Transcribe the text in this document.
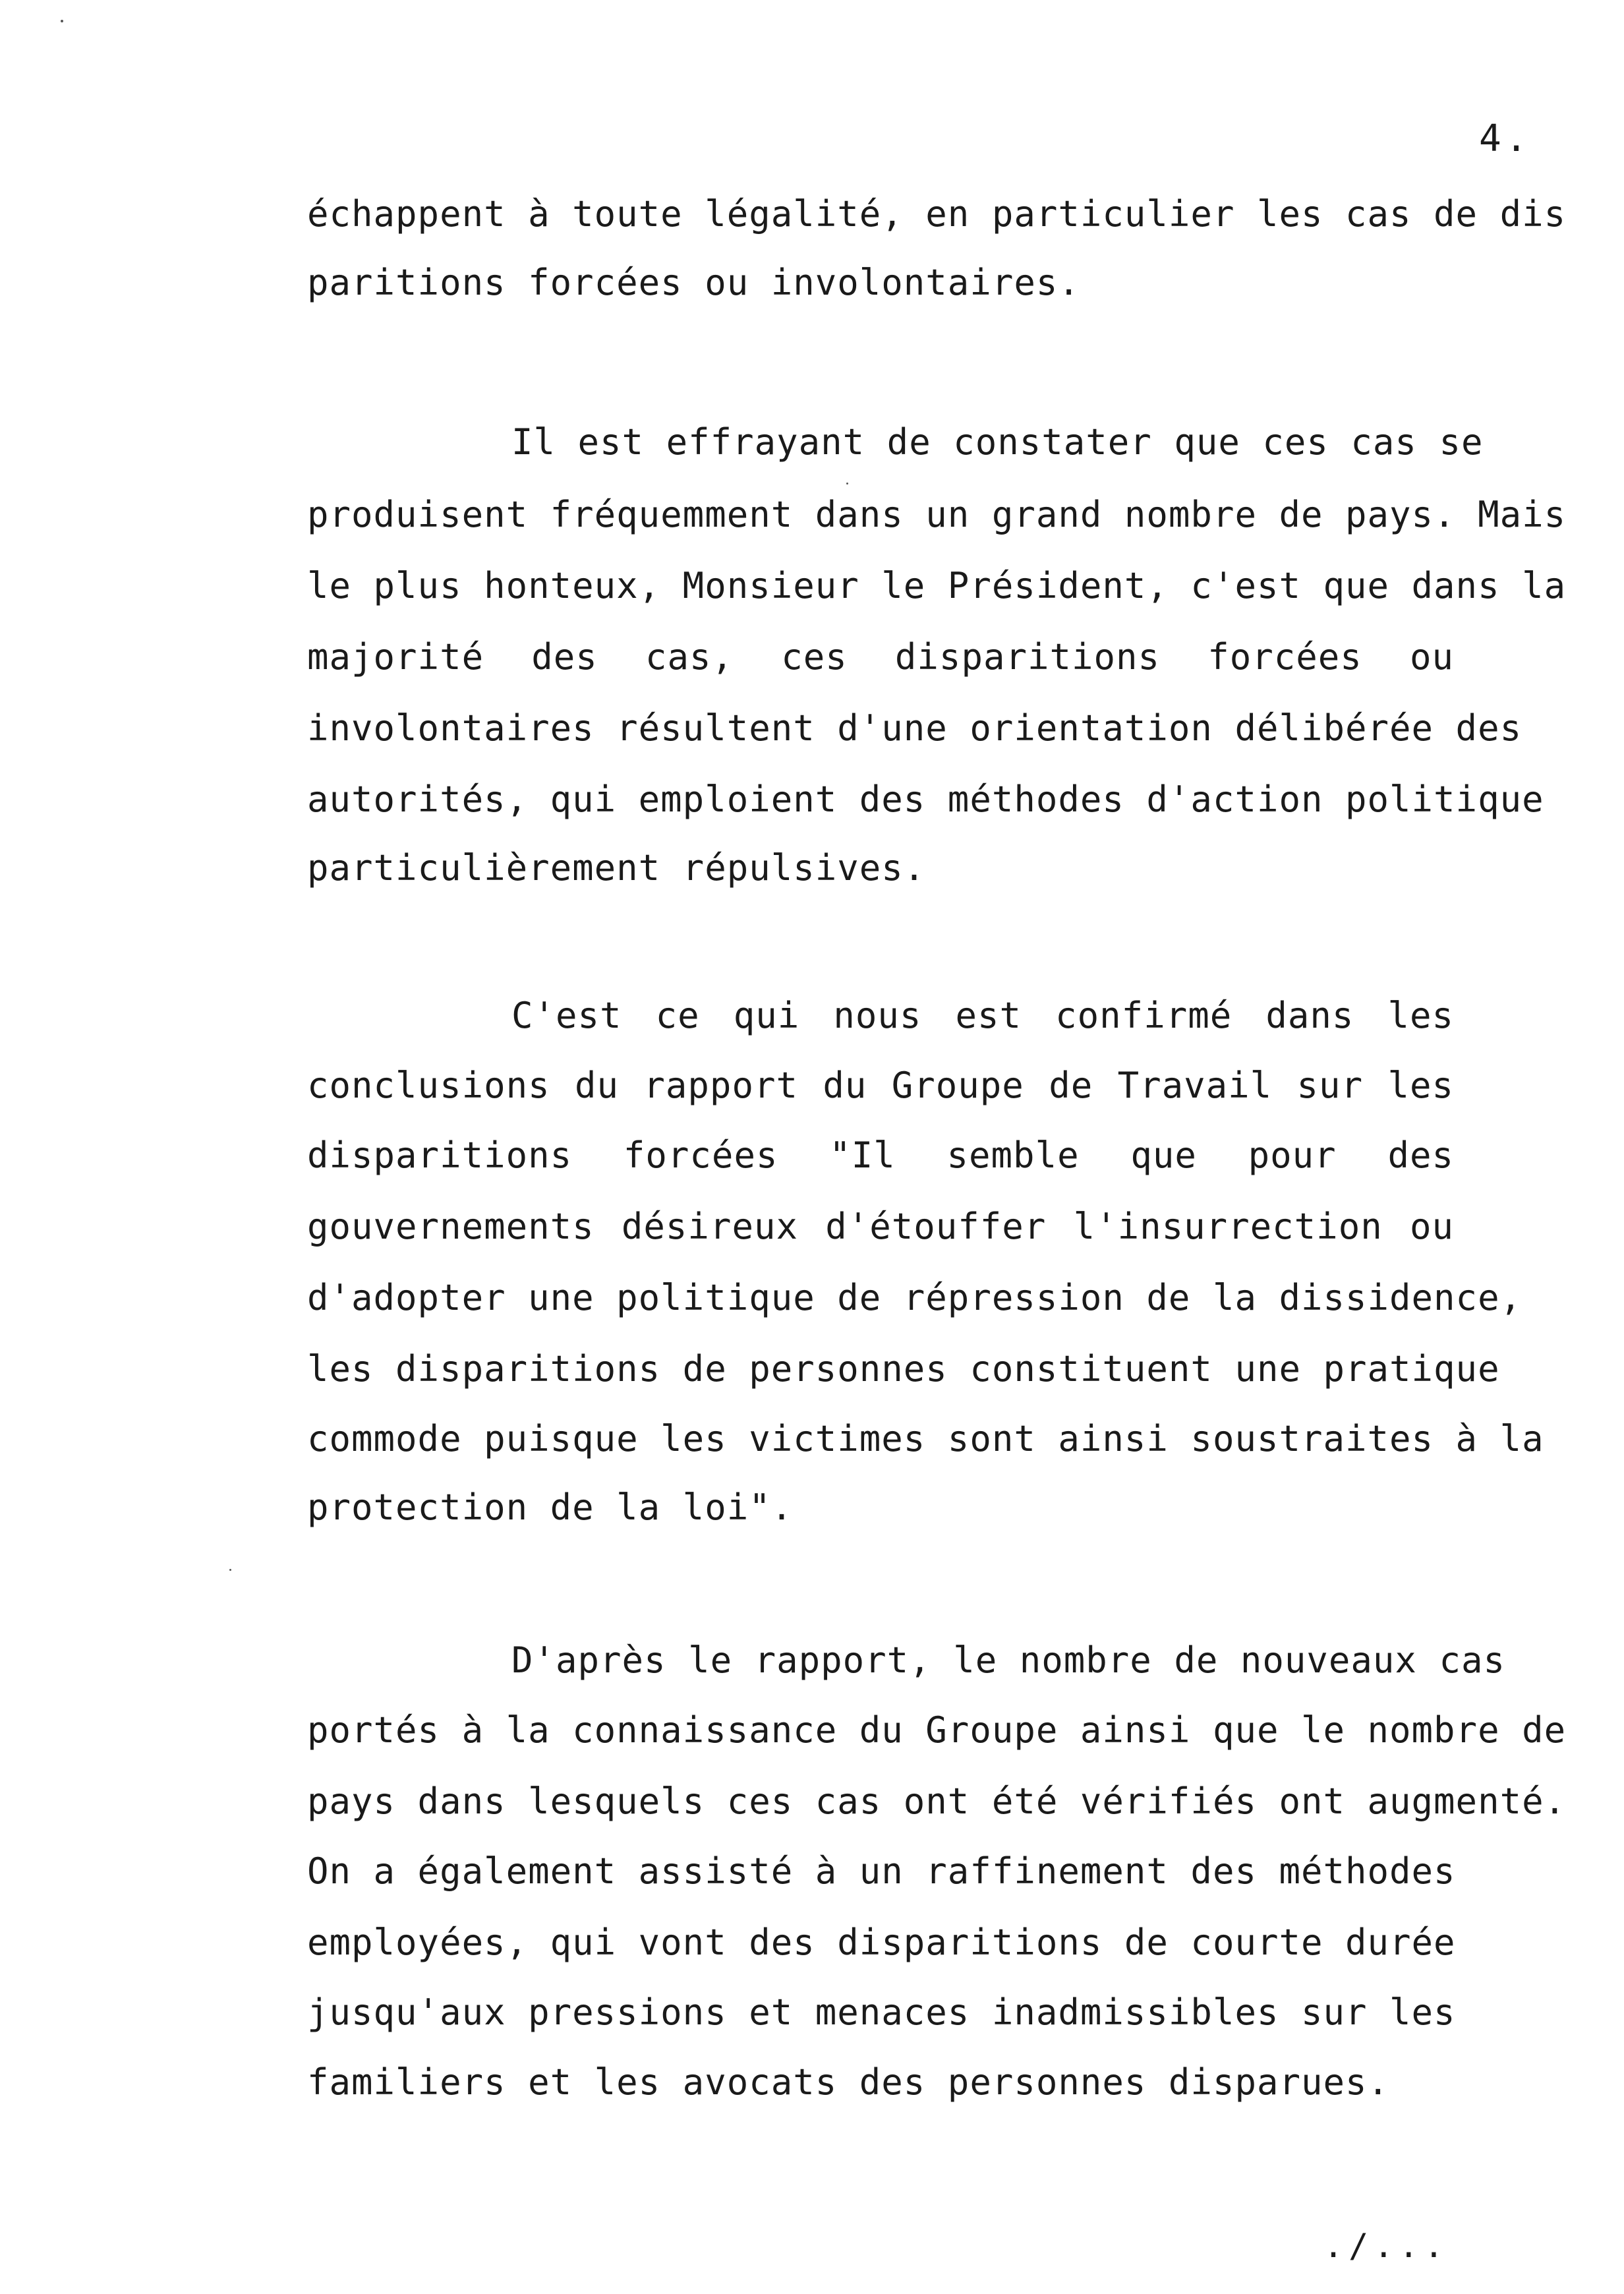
4.
échappent à toute légalité, en particulier les cas de dis
paritions forcées ou involontaires.
Il est effrayant de constater que ces cas se
produisent fréquemment dans un grand nombre de pays. Mais
le plus honteux, Monsieur le Président, c'est que dans la
majorité des cas, ces disparitions forcées ou
involontaires résultent d'une orientation délibérée des
autorités, qui emploient des méthodes d'action politique
particulièrement répulsives.
C'est ce qui nous est confirmé dans les
conclusions du rapport du Groupe de Travail sur les
disparitions forcées "Il semble que pour des
gouvernements désireux d'étouffer l'insurrection ou
d'adopter une politique de répression de la dissidence,
les disparitions de personnes constituent une pratique
commode puisque les victimes sont ainsi soustraites à la
protection de la loi".
D'après le rapport, le nombre de nouveaux cas
portés à la connaissance du Groupe ainsi que le nombre de
pays dans lesquels ces cas ont été vérifiés ont augmenté.
On a également assisté à un raffinement des méthodes
employées, qui vont des disparitions de courte durée
jusqu'aux pressions et menaces inadmissibles sur les
familiers et les avocats des personnes disparues.
./...
